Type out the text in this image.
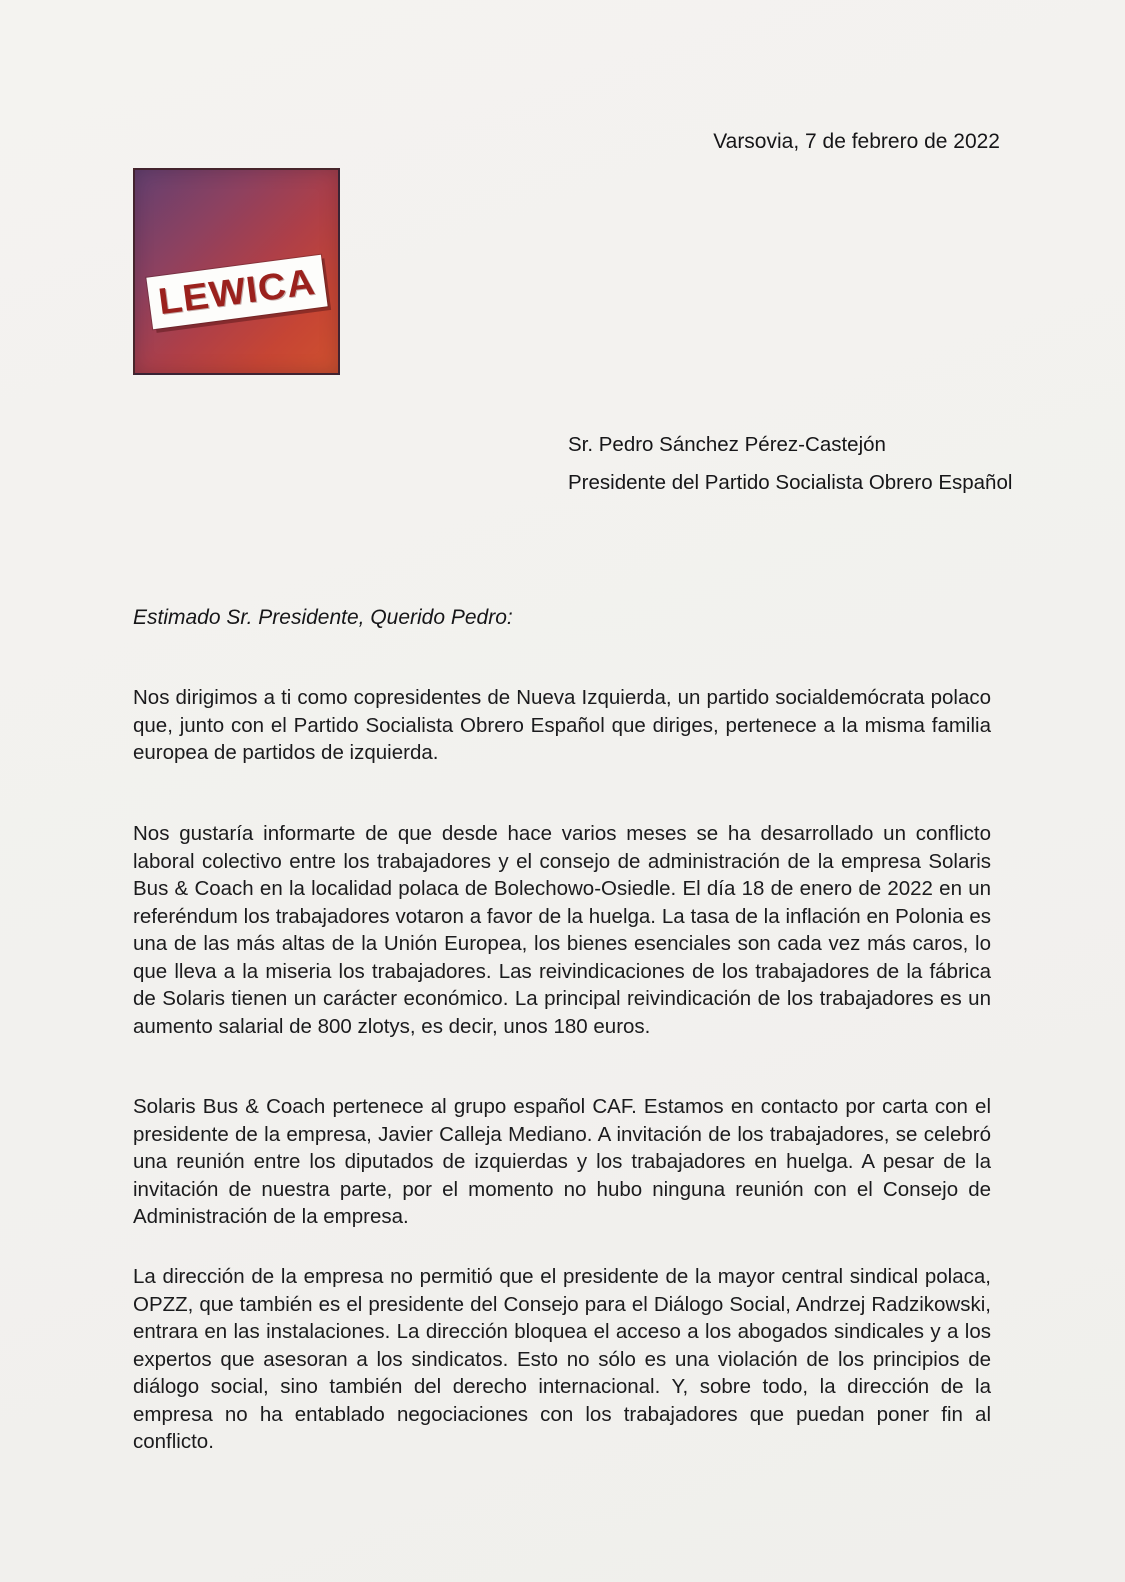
Varsovia, 7 de febrero de 2022
LEWICA
Sr. Pedro Sánchez Pérez-Castejón
Presidente del Partido Socialista Obrero Español
Estimado Sr. Presidente, Querido Pedro:

Nos dirigimos a ti como copresidentes de Nueva Izquierda, un partido socialdemócrata polaco que, junto con el Partido Socialista Obrero Español que diriges, pertenece a la misma familia europea de partidos de izquierda.

Nos gustaría informarte de que desde hace varios meses se ha desarrollado un conflicto laboral colectivo entre los trabajadores y el consejo de administración de la empresa Solaris Bus & Coach en la localidad polaca de Bolechowo-Osiedle. El día 18 de enero de 2022 en un referéndum los trabajadores votaron a favor de la huelga. La tasa de la inflación en Polonia es una de las más altas de la Unión Europea, los bienes esenciales son cada vez más caros, lo que lleva a la miseria los trabajadores. Las reivindicaciones de los trabajadores de la fábrica de Solaris tienen un carácter económico. La principal reivindicación de los trabajadores es un aumento salarial de 800 zlotys, es decir, unos 180 euros.

Solaris Bus & Coach pertenece al grupo español CAF. Estamos en contacto por carta con el presidente de la empresa, Javier Calleja Mediano. A invitación de los trabajadores, se celebró una reunión entre los diputados de izquierdas y los trabajadores en huelga. A pesar de la invitación de nuestra parte, por el momento no hubo ninguna reunión con el Consejo de Administración de la empresa.

La dirección de la empresa no permitió que el presidente de la mayor central sindical polaca, OPZZ, que también es el presidente del Consejo para el Diálogo Social, Andrzej Radzikowski, entrara en las instalaciones. La dirección bloquea el acceso a los abogados sindicales y a los expertos que asesoran a los sindicatos. Esto no sólo es una violación de los principios de diálogo social, sino también del derecho internacional. Y, sobre todo, la dirección de la empresa no ha entablado negociaciones con los trabajadores que puedan poner fin al conflicto.
